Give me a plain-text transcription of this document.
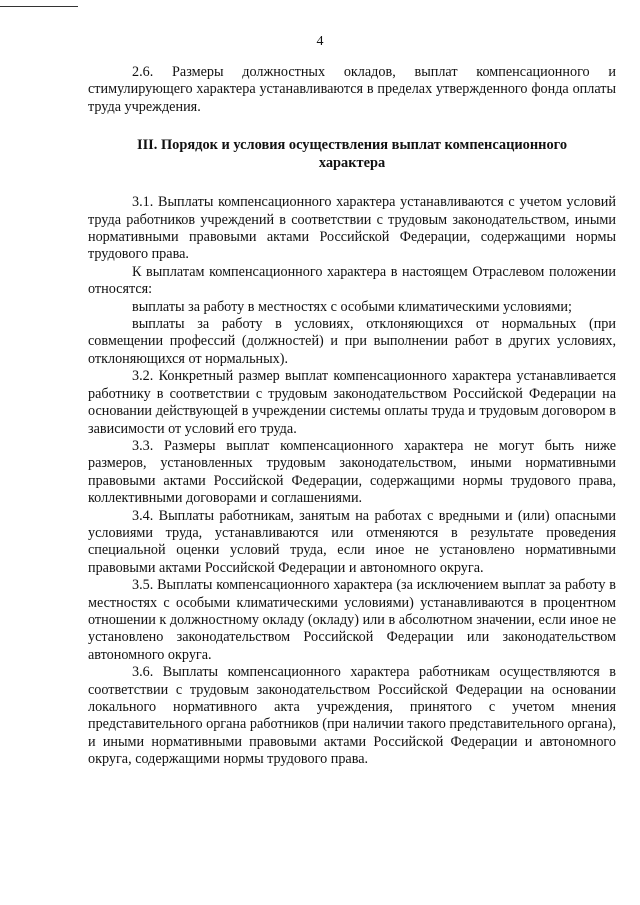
4

2.6. Размеры должностных окладов, выплат компенсационного и стимулирующего характера устанавливаются в пределах утвержденного фонда оплаты труда учреждения.

III. Порядок и условия осуществления выплат компенсационного характера

3.1. Выплаты компенсационного характера устанавливаются с учетом условий труда работников учреждений в соответствии с трудовым законодательством, иными нормативными правовыми актами Российской Федерации, содержащими нормы трудового права.

К выплатам компенсационного характера в настоящем Отраслевом положении относятся:

выплаты за работу в местностях с особыми климатическими условиями;

выплаты за работу в условиях, отклоняющихся от нормальных (при совмещении профессий (должностей) и при выполнении работ в других условиях, отклоняющихся от нормальных).

3.2. Конкретный размер выплат компенсационного характера устанавливается работнику в соответствии с трудовым законодательством Российской Федерации на основании действующей в учреждении системы оплаты труда и трудовым договором в зависимости от условий его труда.

3.3. Размеры выплат компенсационного характера не могут быть ниже размеров, установленных трудовым законодательством, иными нормативными правовыми актами Российской Федерации, содержащими нормы трудового права, коллективными договорами и соглашениями.

3.4. Выплаты работникам, занятым на работах с вредными и (или) опасными условиями труда, устанавливаются или отменяются в результате проведения специальной оценки условий труда, если иное не установлено нормативными правовыми актами Российской Федерации и автономного округа.

3.5. Выплаты компенсационного характера (за исключением выплат за работу в местностях с особыми климатическими условиями) устанавливаются в процентном отношении к должностному окладу (окладу) или в абсолютном значении, если иное не установлено законодательством Российской Федерации или законодательством автономного округа.

3.6. Выплаты компенсационного характера работникам осуществляются в соответствии с трудовым законодательством Российской Федерации на основании локального нормативного акта учреждения, принятого с учетом мнения представительного органа работников (при наличии такого представительного органа), и иными нормативными правовыми актами Российской Федерации и автономного округа, содержащими нормы трудового права.
